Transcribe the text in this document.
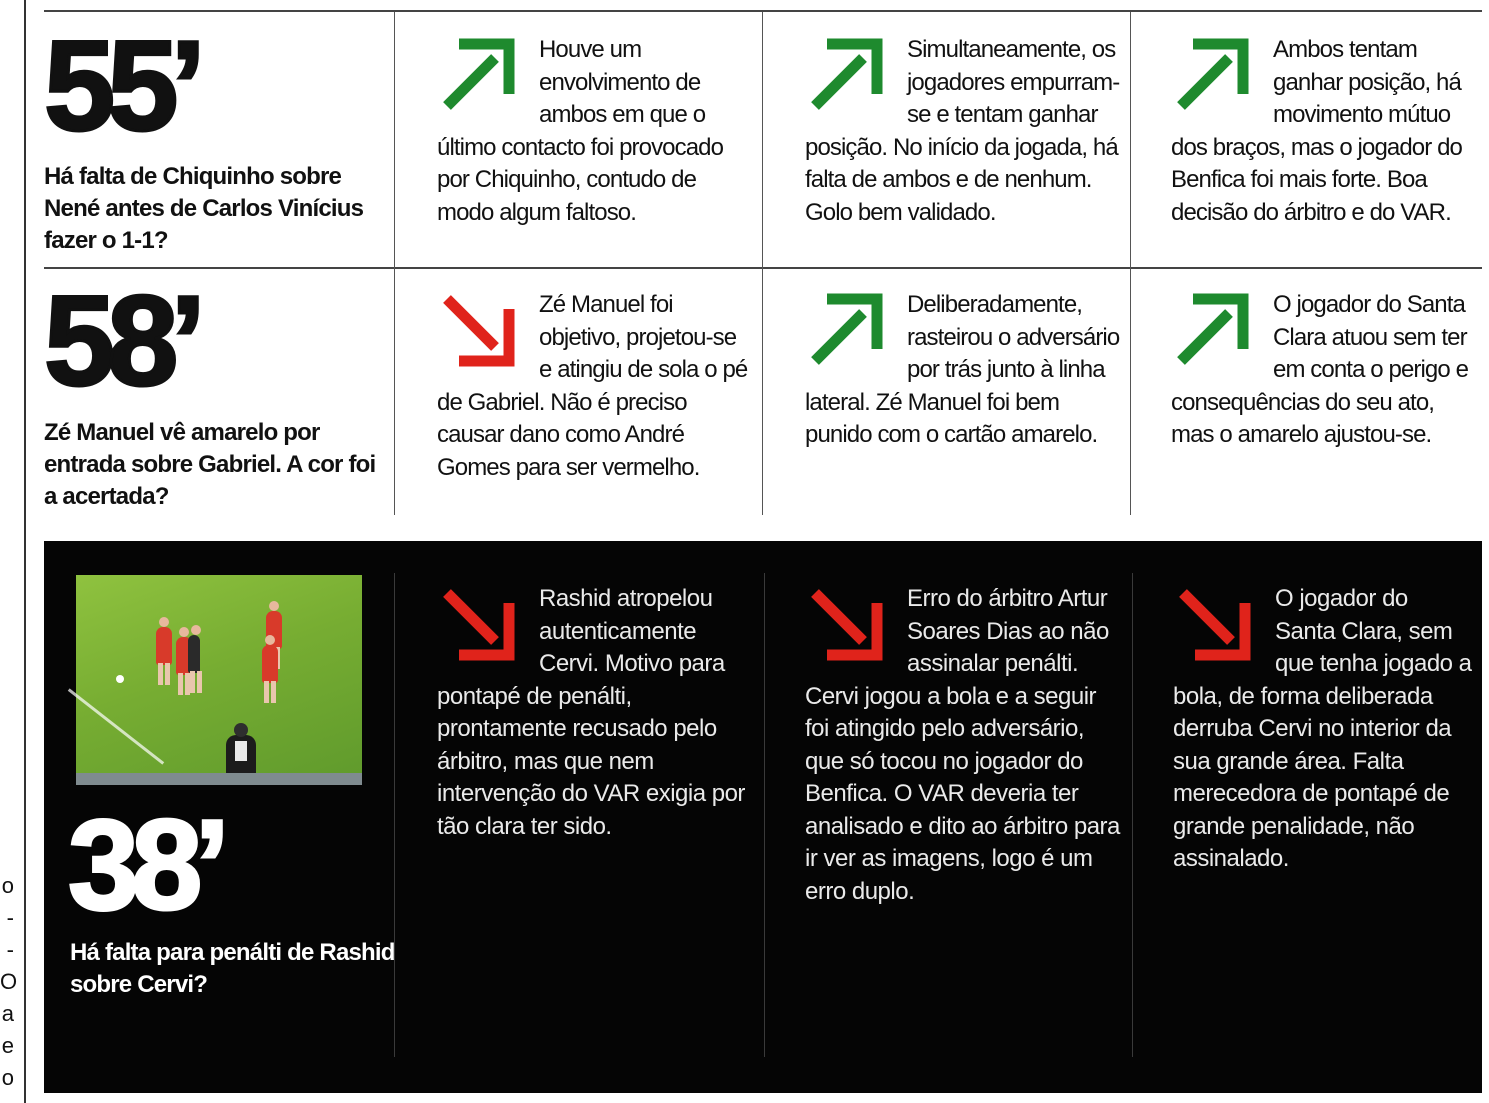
o
-
-
O
a
e
o
55’
Há falta de Chiquinho sobre Nené antes de Carlos Vinícius fazer o 1-1?
Houve um envolvimento de ambos em que o último contacto foi provocado por Chiquinho, contudo de modo algum faltoso.
Simultaneamente, os jogadores empurram-se e tentam ganhar posição. No início da jogada, há falta de ambos e de nenhum. Golo bem validado.
Ambos tentam ganhar posição, há movimento mútuo dos braços, mas o jogador do Benfica foi mais forte. Boa decisão do árbitro e do VAR.
58’
Zé Manuel vê amarelo por entrada sobre Gabriel. A cor foi a acertada?
Zé Manuel foi objetivo, projetou-se e atingiu de sola o pé de Gabriel. Não é preciso causar dano como André Gomes para ser vermelho.
Deliberadamente, rasteirou o adversário por trás junto à linha lateral. Zé Manuel foi bem punido com o cartão amarelo.
O jogador do Santa Clara atuou sem ter em conta o perigo e consequências do seu ato, mas o amarelo ajustou-se.
38’
Há falta para penálti de Rashid sobre Cervi?
Rashid atropelou autenticamente Cervi. Motivo para pontapé de penálti, prontamente recusado pelo árbitro, mas que nem intervenção do VAR exigia por tão clara ter sido.
Erro do árbitro Artur Soares Dias ao não assinalar penálti. Cervi jogou a bola e a seguir foi atingido pelo adversário, que só tocou no jogador do Benfica. O VAR deveria ter analisado e dito ao árbitro para ir ver as imagens, logo é um erro duplo.
O jogador do Santa Clara, sem que tenha jogado a bola, de forma deliberada derruba Cervi no interior da sua grande área. Falta merecedora de pontapé de grande penalidade, não assinalado.
